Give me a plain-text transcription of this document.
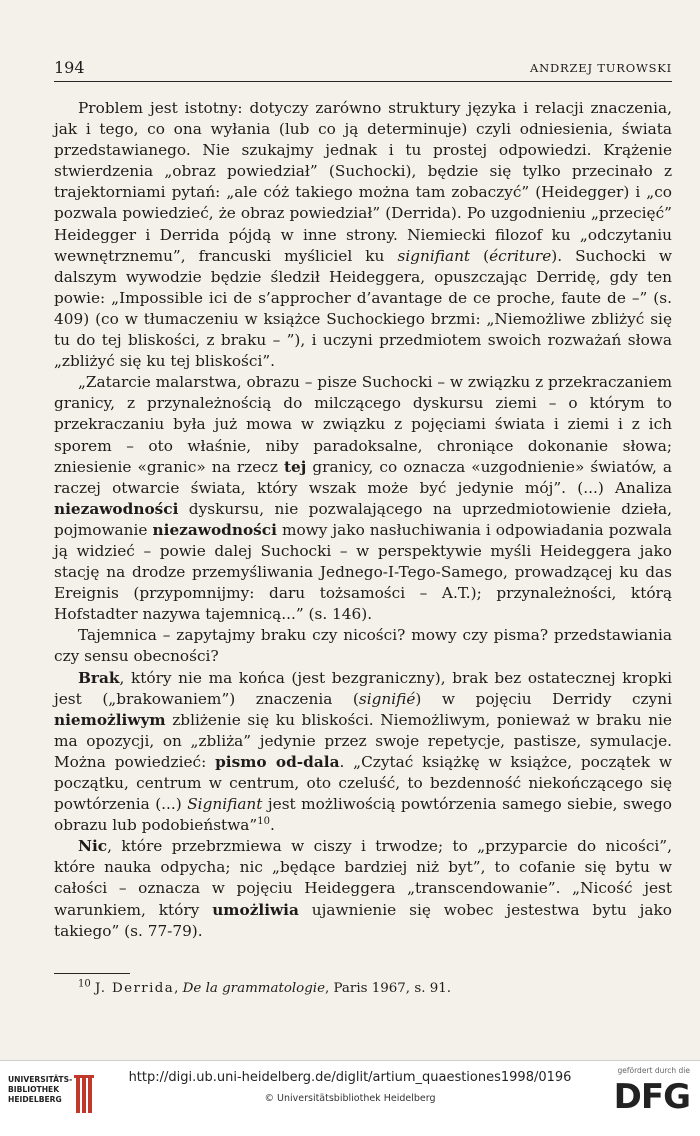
194	ANDRZEJ TUROWSKI

Problem jest istotny: dotyczy zarówno struktury języka i relacji znaczenia, jak i tego, co ona wyłania (lub co ją determinuje) czyli odniesienia, świata przedstawianego. Nie szukajmy jednak i tu prostej odpowiedzi. Krążenie stwierdzenia „obraz powiedział” (Suchocki), będzie się tylko przecinało z trajektorniami pytań: „ale cóż takiego można tam zobaczyć” (Heidegger) i „co pozwala powiedzieć, że obraz powiedział” (Derrida). Po uzgodnieniu „przecięć” Heidegger i Derrida pójdą w inne strony. Niemiecki filozof ku „odczytaniu wewnętrznemu”, francuski myśliciel ku signifiant (écriture). Suchocki w dalszym wywodzie będzie śledził Heideggera, opuszczając Derridę, gdy ten powie: „Impossible ici de s’approcher d’avantage de ce proche, faute de –” (s. 409) (co w tłumaczeniu w książce Suchockiego brzmi: „Niemożliwe zbliżyć się tu do tej bliskości, z braku – ”), i uczyni przedmiotem swoich rozważań słowa „zbliżyć się ku tej bliskości”.

„Zatarcie malarstwa, obrazu – pisze Suchocki – w związku z przekraczaniem granicy, z przynależnością do milczącego dyskursu ziemi – o którym to przekraczaniu była już mowa w związku z pojęciami świata i ziemi i z ich sporem – oto właśnie, niby paradoksalne, chroniące dokonanie słowa; zniesienie «granic» na rzecz tej granicy, co oznacza «uzgodnienie» światów, a raczej otwarcie świata, który wszak może być jedynie mój”. (...) Analiza niezawodności dyskursu, nie pozwalającego na uprzedmiotowienie dzieła, pojmowanie niezawodności mowy jako nasłuchiwania i odpowiadania pozwala ją widzieć – powie dalej Suchocki – w perspektywie myśli Heideggera jako stację na drodze przemyśliwania Jednego-I-Tego-Samego, prowadzącej ku das Ereignis (przypomnijmy: daru tożsamości – A.T.); przynależności, którą Hofstadter nazywa tajemnicą...” (s. 146).

Tajemnica – zapytajmy braku czy nicości? mowy czy pisma? przedstawiania czy sensu obecności?

Brak, który nie ma końca (jest bezgraniczny), brak bez ostatecznej kropki jest („brakowaniem”) znaczenia (signifié) w pojęciu Derridy czyni niemożliwym zbliżenie się ku bliskości. Niemożliwym, ponieważ w braku nie ma opozycji, on „zbliża” jedynie przez swoje repetycje, pastisze, symulacje. Można powiedzieć: pismo od-dala. „Czytać książkę w książce, początek w początku, centrum w centrum, oto czeluść, to bezdenność niekończącego się powtórzenia (...) Signifiant jest możliwością powtórzenia samego siebie, swego obrazu lub podobieństwa”$^{10}$.

Nic, które przebrzmiewa w ciszy i trwodze; to „przyparcie do nicości”, które nauka odpycha; nic „będące bardziej niż byt”, to cofanie się bytu w całości – oznacza w pojęciu Heideggera „transcendowanie”. „Nicość jest warunkiem, który umożliwia ujawnienie się wobec jestestwa bytu jako takiego” (s. 77-79).

$^{10}$ J. Derrida, De la grammatologie, Paris 1967, s. 91.
UNIVERSITÄTS-
BIBLIOTHEK
HEIDELBERG
http://digi.ub.uni-heidelberg.de/diglit/artium_quaestiones1998/0196
© Universitätsbibliothek Heidelberg
gefördert durch die
DFG
